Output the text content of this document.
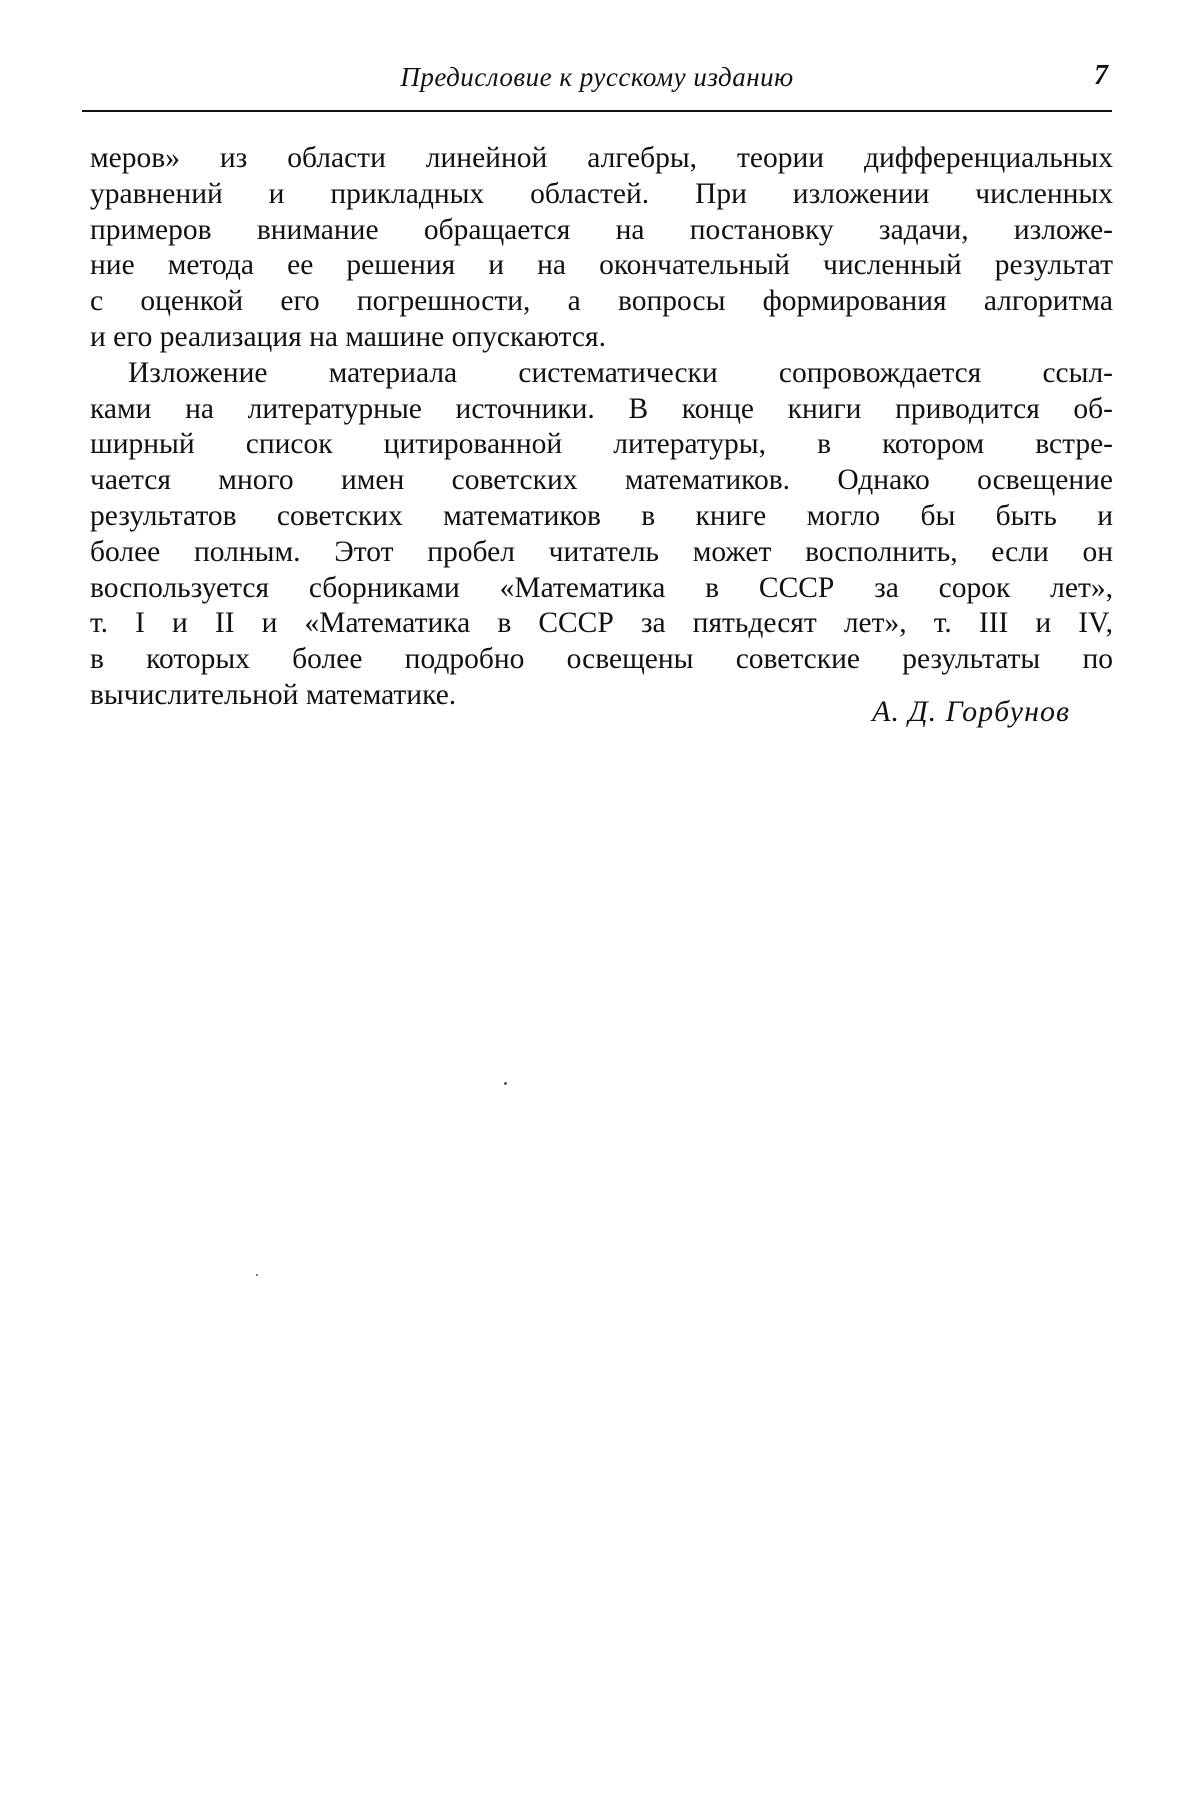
Предисловие к русскому изданию	7
меров» из области линейной алгебры, теории дифференциальных
уравнений и прикладных областей. При изложении численных
примеров внимание обращается на постановку задачи, изложе-
ние метода ее решения и на окончательный численный результат
с оценкой его погрешности, а вопросы формирования алгоритма
и его реализация на машине опускаются.
Изложение материала систематически сопровождается ссыл-
ками на литературные источники. В конце книги приводится об-
ширный список цитированной литературы, в котором встре-
чается много имен советских математиков. Однако освещение
результатов советских математиков в книге могло бы быть и
более полным. Этот пробел читатель может восполнить, если он
воспользуется сборниками «Математика в СССР за сорок лет»,
т. I и II и «Математика в СССР за пятьдесят лет», т. III и IV,
в которых более подробно освещены советские результаты по
вычислительной математике.
А. Д. Горбунов
